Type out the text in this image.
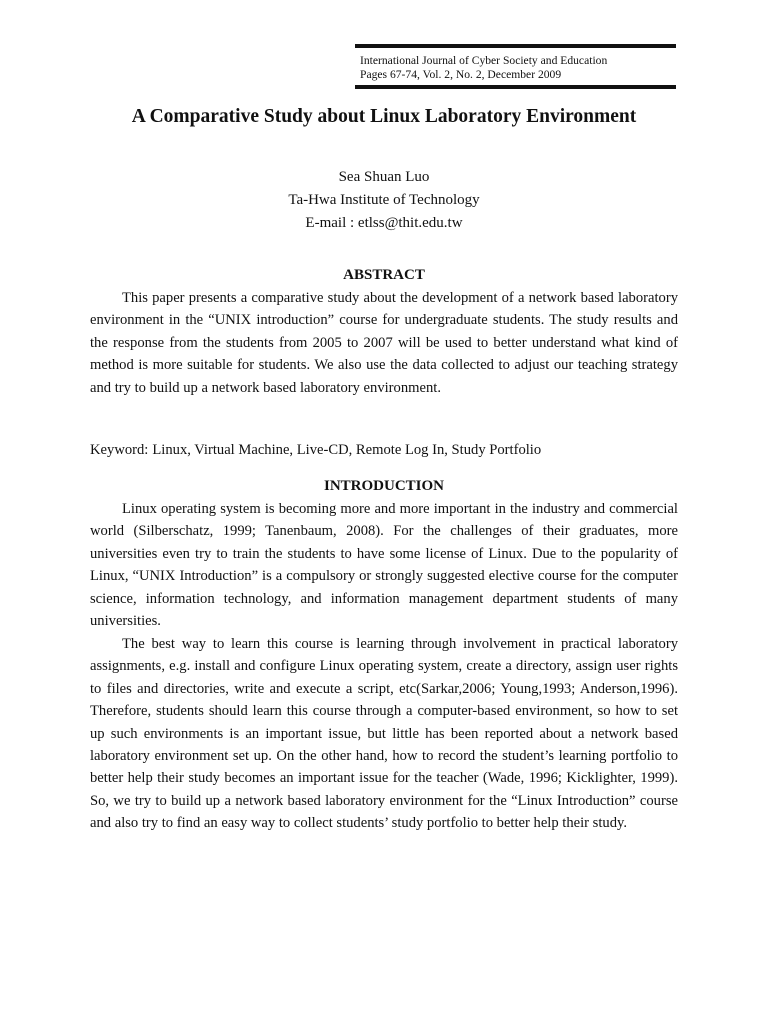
International Journal of Cyber Society and Education
Pages 67-74, Vol. 2, No. 2, December 2009
A Comparative Study about Linux Laboratory Environment
Sea Shuan Luo
Ta-Hwa Institute of Technology
E-mail : etlss@thit.edu.tw
ABSTRACT
This paper presents a comparative study about the development of a network based laboratory environment in the “UNIX introduction” course for undergraduate students. The study results and the response from the students from 2005 to 2007 will be used to better understand what kind of method is more suitable for students. We also use the data collected to adjust our teaching strategy and try to build up a network based laboratory environment.
Keyword: Linux, Virtual Machine, Live-CD, Remote Log In, Study Portfolio
INTRODUCTION
Linux operating system is becoming more and more important in the industry and commercial world (Silberschatz, 1999; Tanenbaum, 2008). For the challenges of their graduates, more universities even try to train the students to have some license of Linux. Due to the popularity of Linux, “UNIX Introduction” is a compulsory or strongly suggested elective course for the computer science, information technology, and information management department students of many universities.
The best way to learn this course is learning through involvement in practical laboratory assignments, e.g. install and configure Linux operating system, create a directory, assign user rights to files and directories, write and execute a script, etc(Sarkar,2006; Young,1993; Anderson,1996). Therefore, students should learn this course through a computer-based environment, so how to set up such environments is an important issue, but little has been reported about a network based laboratory environment set up. On the other hand, how to record the student’s learning portfolio to better help their study becomes an important issue for the teacher (Wade, 1996; Kicklighter, 1999). So, we try to build up a network based laboratory environment for the “Linux Introduction” course and also try to find an easy way to collect students’ study portfolio to better help their study.
